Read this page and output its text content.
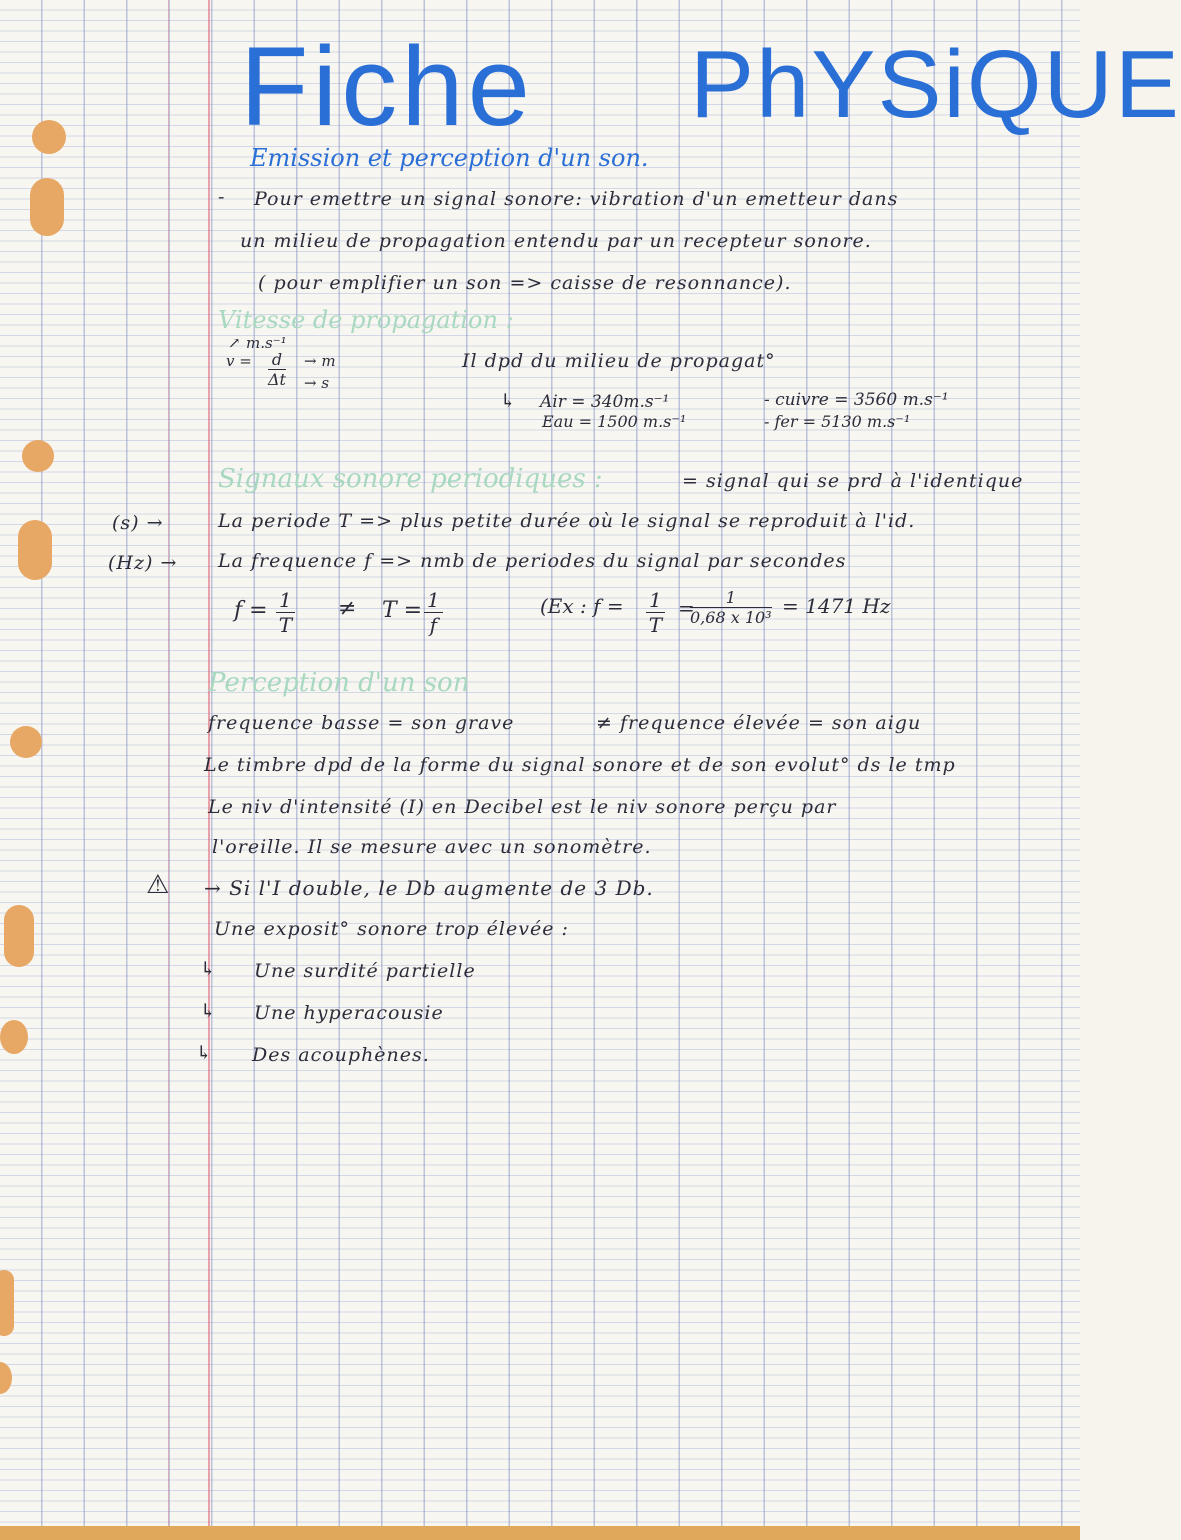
Fiche PhYSiQUE
Emission et perception d'un son.
- Pour emettre un signal sonore: vibration d'un emetteur dans
un milieu de propagation entendu par un recepteur sonore.
( pour emplifier un son => caisse de resonnance).
Vitesse de propagation :
↗ m.s⁻¹
$v = \frac{d}{\Delta t} \to m$
→ s
Il dpd du milieu de propagat°
↳ Air = 340m.s⁻¹
Eau = 1500 m.s⁻¹
- cuivre = 3560 m.s⁻¹
- fer = 5130 m.s⁻¹
Signaux sonore periodiques :	= signal qui se prd à l'identique
(s) →	La periode T => plus petite durée où le signal se reproduit à l'id.
(Hz) → La frequence f => nmb de periodes du signal par secondes
$f = \frac{1}{T} \ne T = \frac{1}{f}$	(Ex : $f = \frac{1}{T}$ =
$\frac{1}{\text{0,68 x 10³}} = 1471$ Hz
Perception d'un son
frequence basse = son grave	≠ frequence élevée = son aigu
Le timbre dpd de la forme du signal sonore et de son evolut° ds le tmp
Le niv d'intensité (I) en Decibel est le niv sonore perçu par
l'oreille. Il se mesure avec un sonomètre.
⚠ → Si l'I double, le Db augmente de 3 Db.
Une exposit° sonore trop élevée :
↳ Une surdité partielle
↳ Une hyperacousie
↳ Des acouphènes.
